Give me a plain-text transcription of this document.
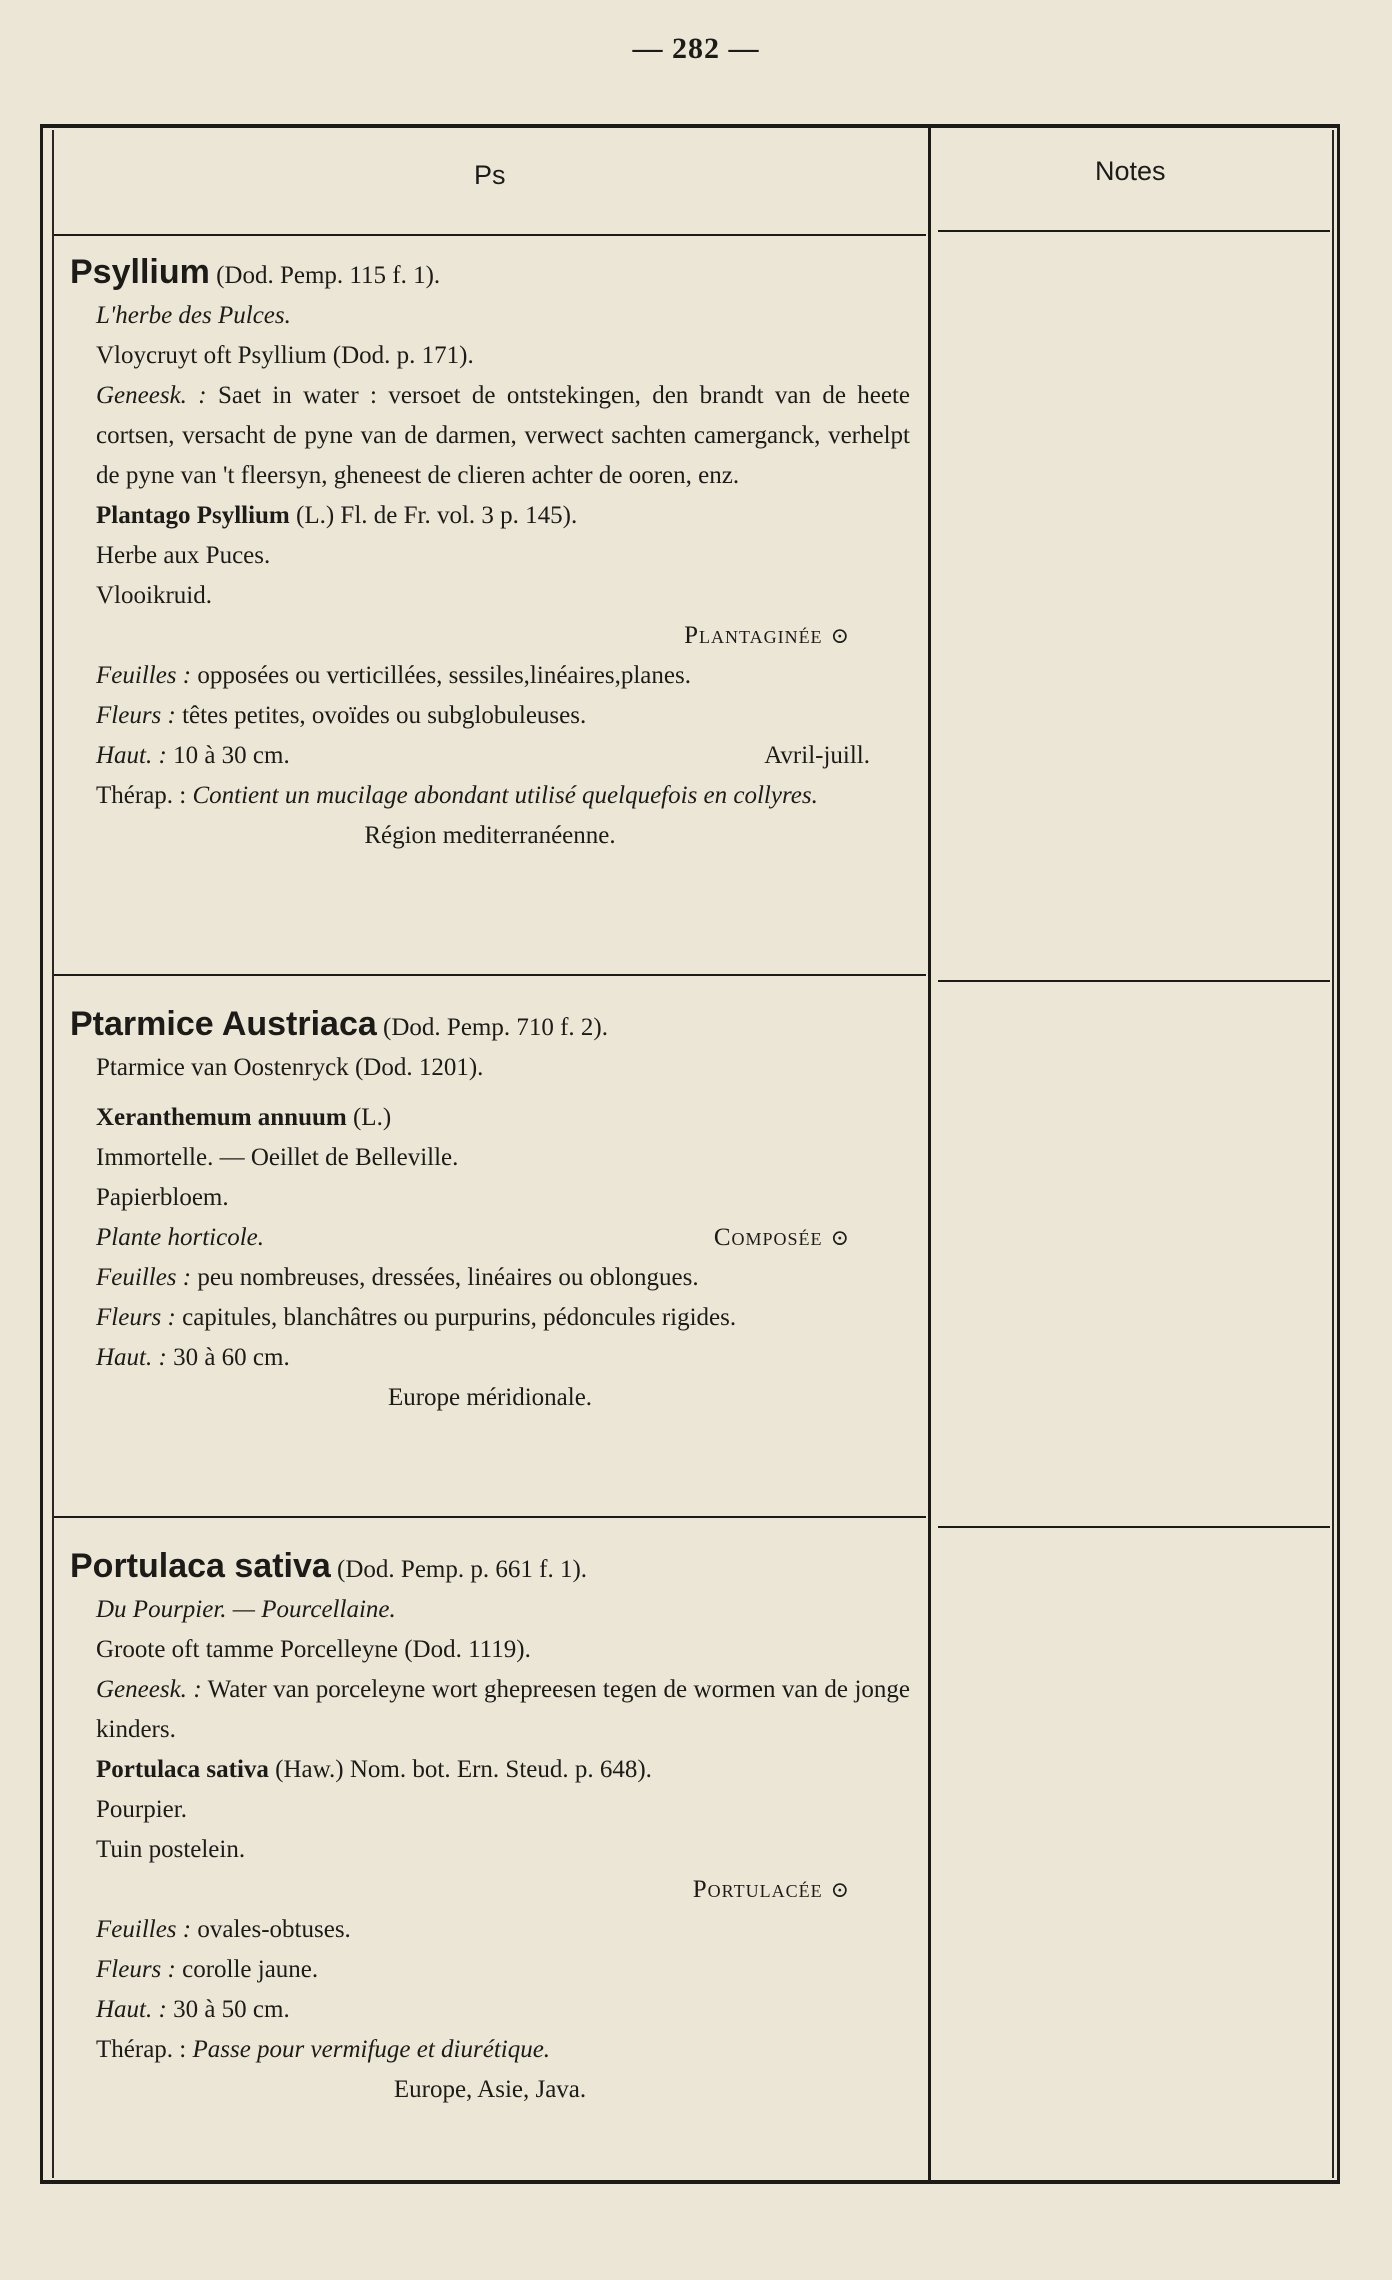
— 282 —
Ps	Notes

Psyllium (Dod. Pemp. 115 f. 1).

L'herbe des Pulces.

Vloycruyt oft Psyllium (Dod. p. 171).

Geneesk. : Saet in water : versoet de ontstekingen, den brandt van de heete cortsen, versacht de pyne van de darmen, verwect sachten camerganck, verhelpt de pyne van 't fleersyn, gheneest de clieren achter de ooren, enz.

Plantago Psyllium (L.) Fl. de Fr. vol. 3 p. 145).

Herbe aux Puces.

Vlooikruid.

Plantaginée ⊙

Feuilles : opposées ou verticillées, sessiles,linéaires,planes.

Fleurs : têtes petites, ovoïdes ou subglobuleuses.

Haut. : 10 à 30 cm.	Avril-juill.

Thérap. : Contient un mucilage abondant utilisé quelquefois en collyres.

Région mediterranéenne.

Ptarmice Austriaca (Dod. Pemp. 710 f. 2).

Ptarmice van Oostenryck (Dod. 1201).

Xeranthemum annuum (L.)

Immortelle. — Oeillet de Belleville.

Papierbloem.

Plante horticole.	Composée ⊙

Feuilles : peu nombreuses, dressées, linéaires ou oblongues.

Fleurs : capitules, blanchâtres ou purpurins, pédoncules rigides.

Haut. : 30 à 60 cm.

Europe méridionale.

Portulaca sativa (Dod. Pemp. p. 661 f. 1).

Du Pourpier. — Pourcellaine.

Groote oft tamme Porcelleyne (Dod. 1119).

Geneesk. : Water van porceleyne wort ghepreesen tegen de wormen van de jonge kinders.

Portulaca sativa (Haw.) Nom. bot. Ern. Steud. p. 648).

Pourpier.

Tuin postelein.

Portulacée ⊙

Feuilles : ovales-obtuses.

Fleurs : corolle jaune.

Haut. : 30 à 50 cm.

Thérap. : Passe pour vermifuge et diurétique.

Europe, Asie, Java.
